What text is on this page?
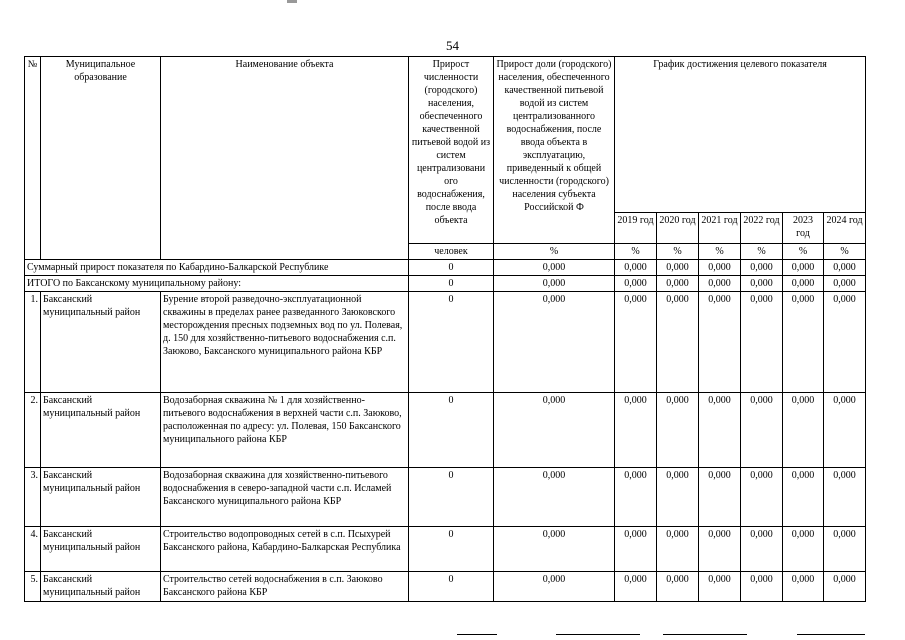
54
№	Муниципальное образование	Наименование объекта	Прирост численности (городского) населения, обеспеченного качественной питьевой водой из систем централизовани ого водоснабжения, после ввода объекта	Прирост доли (городского) населения, обеспеченного качественной питьевой водой из систем централизованного водоснабжения, после ввода объекта в эксплуатацию, приведенный к общей численности (городского) населения субъекта Российской Ф	График достижения целевого показателя					
					2019 год	2020 год	2021 год	2022 год	2023 год	2024 год
			человек	%	%	%	%	%	%	%
Суммарный прирост показателя по Кабардино-Балкарской Республике			0	0,000	0,000	0,000	0,000	0,000	0,000	0,000
ИТОГО по Баксанскому муниципальному району:			0	0,000	0,000	0,000	0,000	0,000	0,000	0,000
1.	Баксанский муниципальный район	Бурение второй разведочно-эксплуатационной скважины в пределах ранее разведанного Заюковского месторождения пресных подземных вод по ул. Полевая, д. 150 для хозяйственно-питьевого водоснабжения с.п. Заюково, Баксанского муниципального района КБР	0	0,000	0,000	0,000	0,000	0,000	0,000	0,000
2.	Баксанский муниципальный район	Водозаборная скважина № 1 для хозяйственно-питьевого водоснабжения в верхней части с.п. Заюково, расположенная по адресу: ул. Полевая, 150 Баксанского муниципального района КБР	0	0,000	0,000	0,000	0,000	0,000	0,000	0,000
3.	Баксанский муниципальный район	Водозаборная скважина для хозяйственно-питьевого водоснабжения в северо-западной части с.п. Исламей Баксанского муниципального района КБР	0	0,000	0,000	0,000	0,000	0,000	0,000	0,000
4.	Баксанский муниципальный район	Строительство водопроводных сетей в с.п. Псыхурей Баксанского района, Кабардино-Балкарская Республика	0	0,000	0,000	0,000	0,000	0,000	0,000	0,000
5.	Баксанский муниципальный район	Строительство сетей водоснабжения в с.п. Заюково Баксанского района КБР	0	0,000	0,000	0,000	0,000	0,000	0,000	0,000
